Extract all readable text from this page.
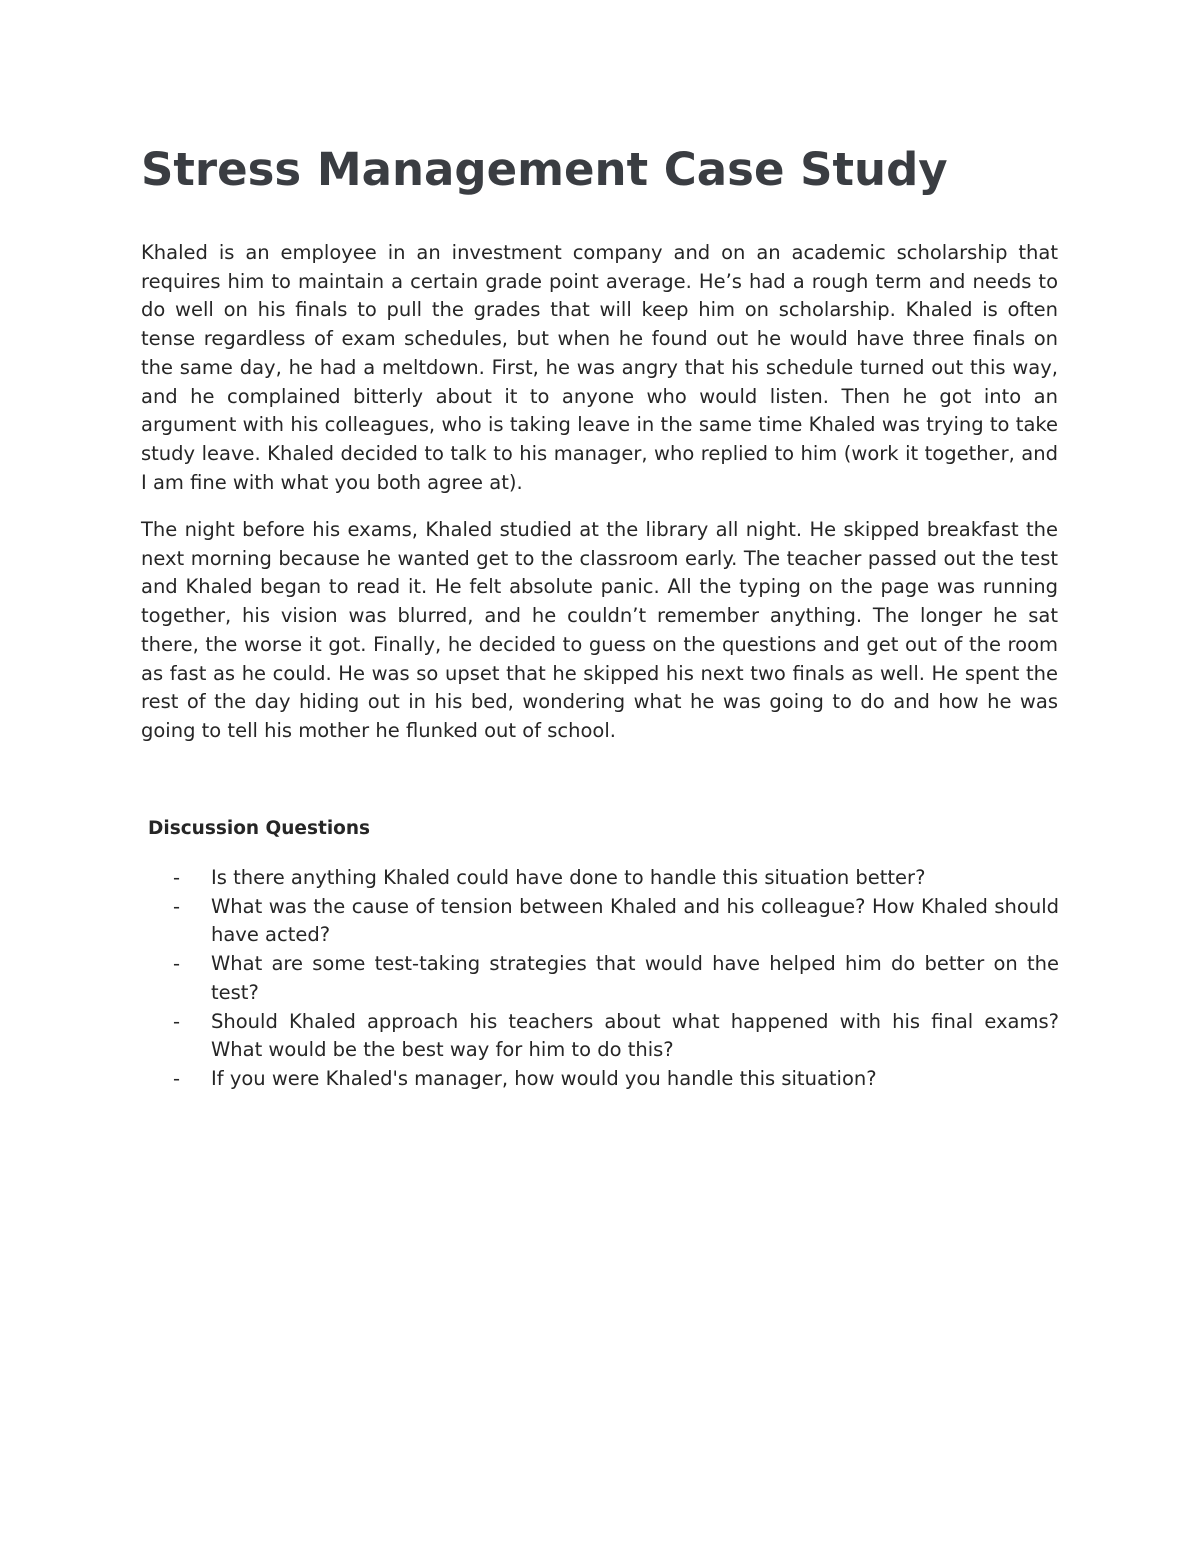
Stress Management Case Study

Khaled is an employee in an investment company and on an academic scholarship that requires him to maintain a certain grade point average. He’s had a rough term and needs to do well on his finals to pull the grades that will keep him on scholarship. Khaled is often tense regardless of exam schedules, but when he found out he would have three finals on the same day, he had a meltdown. First, he was angry that his schedule turned out this way, and he complained bitterly about it to anyone who would listen. Then he got into an argument with his colleagues, who is taking leave in the same time Khaled was trying to take study leave. Khaled decided to talk to his manager, who replied to him (work it together, and I am fine with what you both agree at).

The night before his exams, Khaled studied at the library all night. He skipped breakfast the next morning because he wanted get to the classroom early. The teacher passed out the test and Khaled began to read it. He felt absolute panic. All the typing on the page was running together, his vision was blurred, and he couldn’t remember anything. The longer he sat there, the worse it got. Finally, he decided to guess on the questions and get out of the room as fast as he could. He was so upset that he skipped his next two finals as well. He spent the rest of the day hiding out in his bed, wondering what he was going to do and how he was going to tell his mother he flunked out of school.

Discussion Questions
- Is there anything Khaled could have done to handle this situation better?
- What was the cause of tension between Khaled and his colleague? How Khaled should have acted?
- What are some test-taking strategies that would have helped him do better on the test?
- Should Khaled approach his teachers about what happened with his final exams? What would be the best way for him to do this?
- If you were Khaled's manager, how would you handle this situation?
